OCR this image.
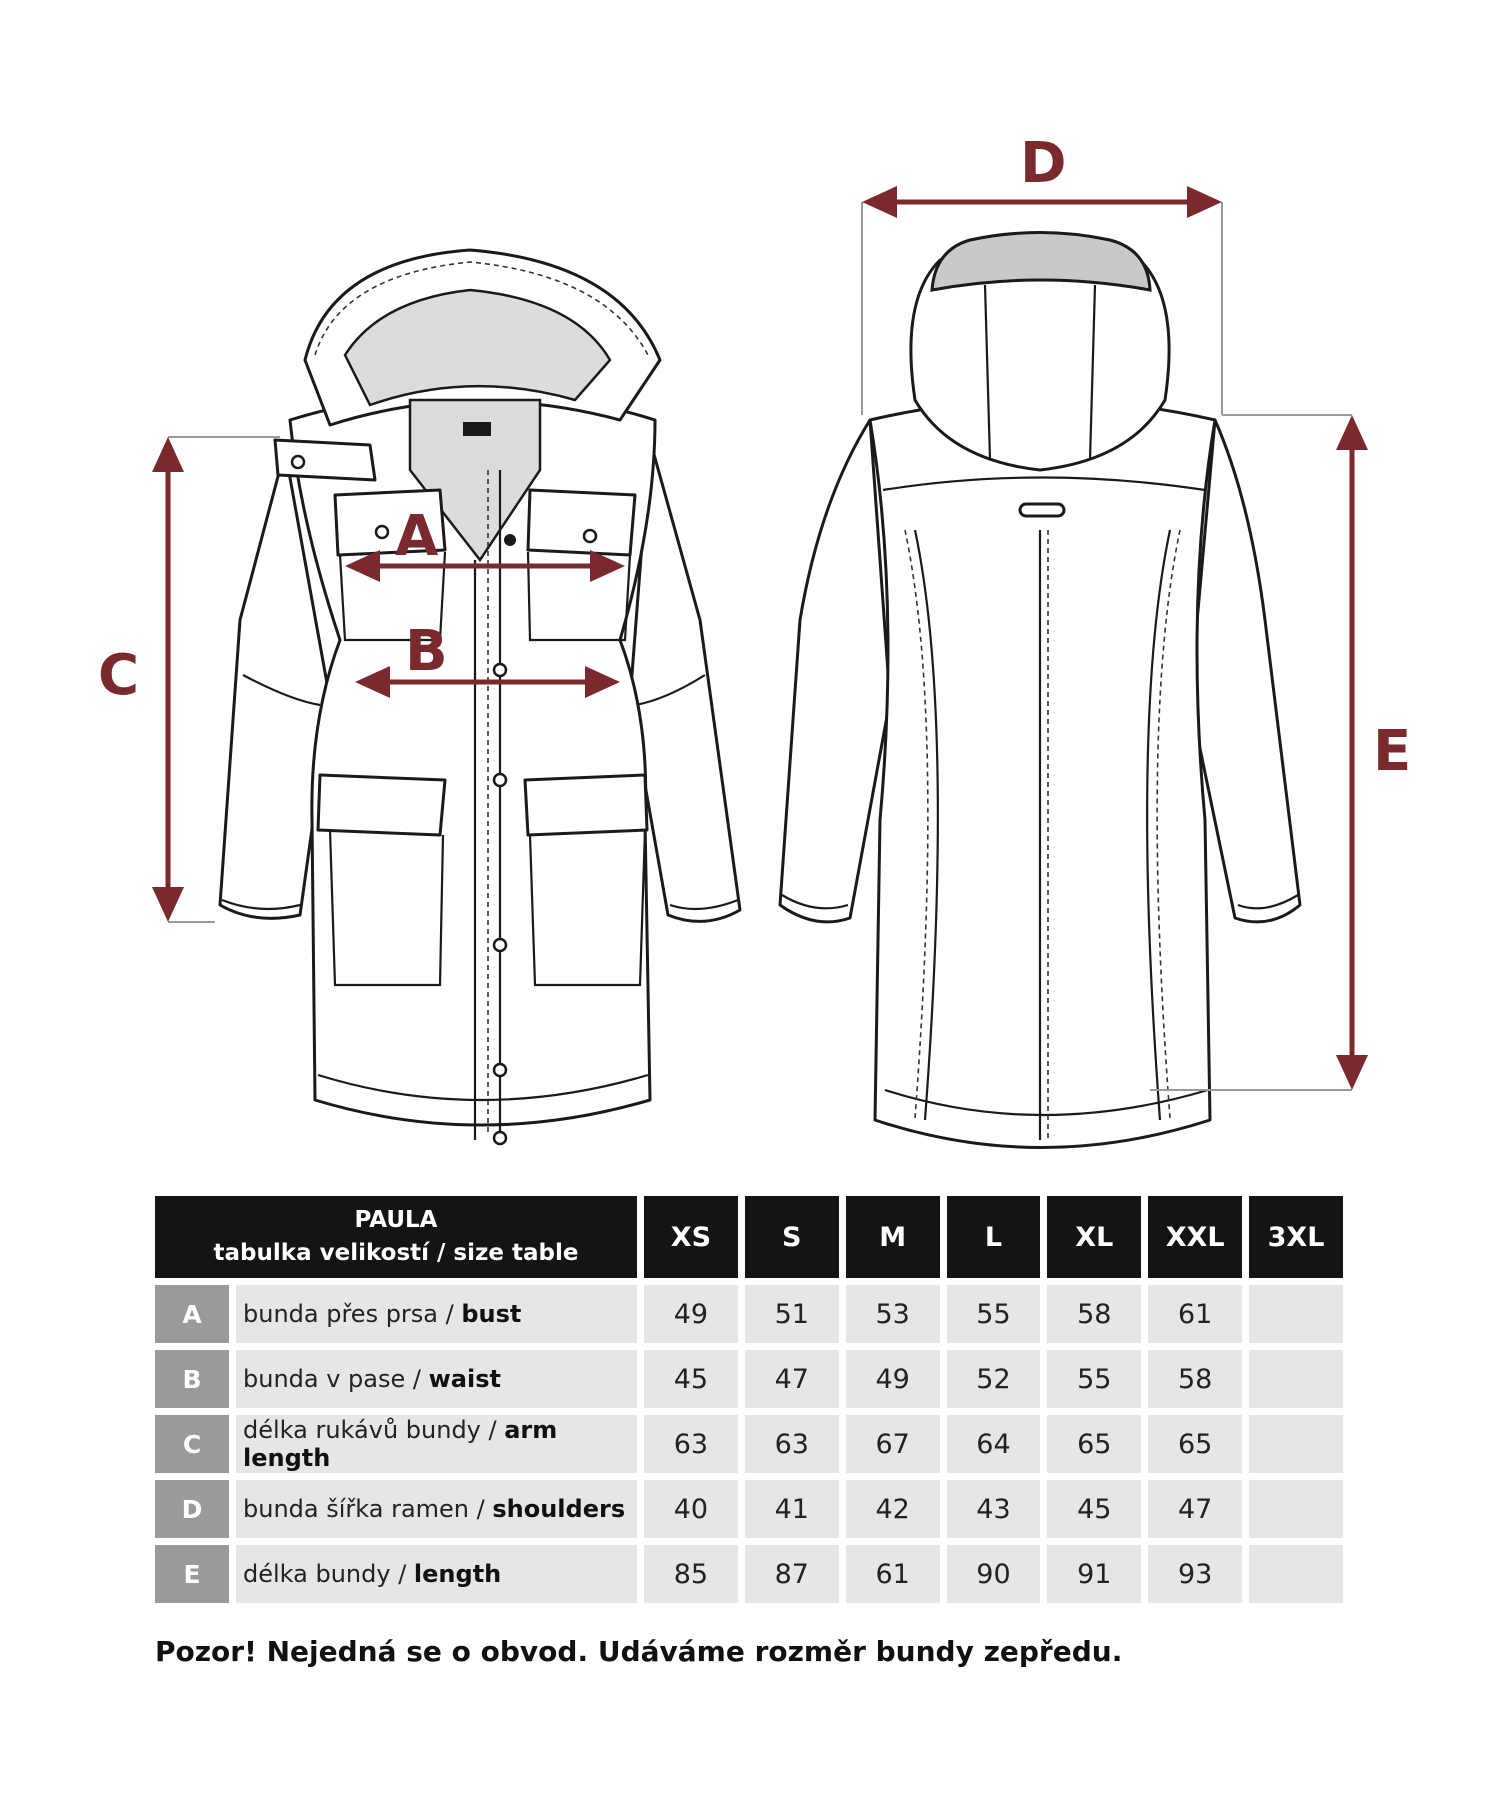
A
B
C
D
E
PAULA
tabulka velikostí / size table		XS	S	M	L	XL	XXL	3XL
A	bunda přes prsa / bust	49	51	53	55	58	61	
B	bunda v pase / waist	45	47	49	52	55	58	
C	délka rukávů bundy / arm length	63	63	67	64	65	65	
D	bunda šířka ramen / shoulders	40	41	42	43	45	47	
E	délka bundy / length	85	87	61	90	91	93	

Pozor! Nejedná se o obvod. Udáváme rozměr bundy zepředu.
